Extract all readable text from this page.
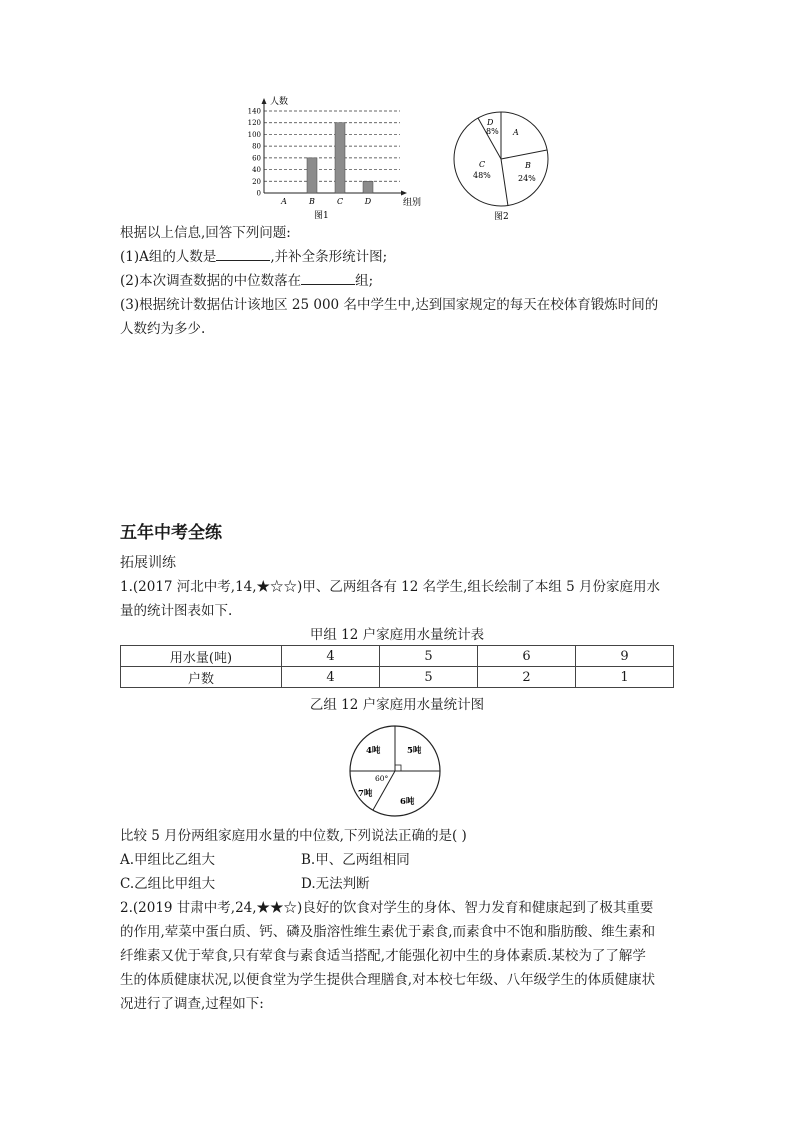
0
20
40
60
80
100
120
140
A	B	C	D
人数
组别
图1
D
8% A
B
24%
C
48%
图2
根据以上信息,回答下列问题:
(1)A组的人数是	,并补全条形统计图;
(2)本次调查数据的中位数落在	组;
(3)根据统计数据估计该地区 25 000 名中学生中,达到国家规定的每天在校体育锻炼时间的
人数约为多少.
五年中考全练
拓展训练
1.(2017 河北中考,14,★☆☆)甲、乙两组各有 12 名学生,组长绘制了本组 5 月份家庭用水
量的统计图表如下.
甲组 12 户家庭用水量统计表
用水量(吨)	4	5	6	9
户数	4	5	2	1
乙组 12 户家庭用水量统计图
4吨	5吨
6吨
7吨
60°
比较 5 月份两组家庭用水量的中位数,下列说法正确的是( )
A.甲组比乙组大	B.甲、乙两组相同
C.乙组比甲组大	D.无法判断
2.(2019 甘肃中考,24,★★☆)良好的饮食对学生的身体、智力发育和健康起到了极其重要
的作用,荤菜中蛋白质、钙、磷及脂溶性维生素优于素食,而素食中不饱和脂肪酸、维生素和
纤维素又优于荤食,只有荤食与素食适当搭配,才能强化初中生的身体素质.某校为了了解学
生的体质健康状况,以便食堂为学生提供合理膳食,对本校七年级、八年级学生的体质健康状
况进行了调查,过程如下:
